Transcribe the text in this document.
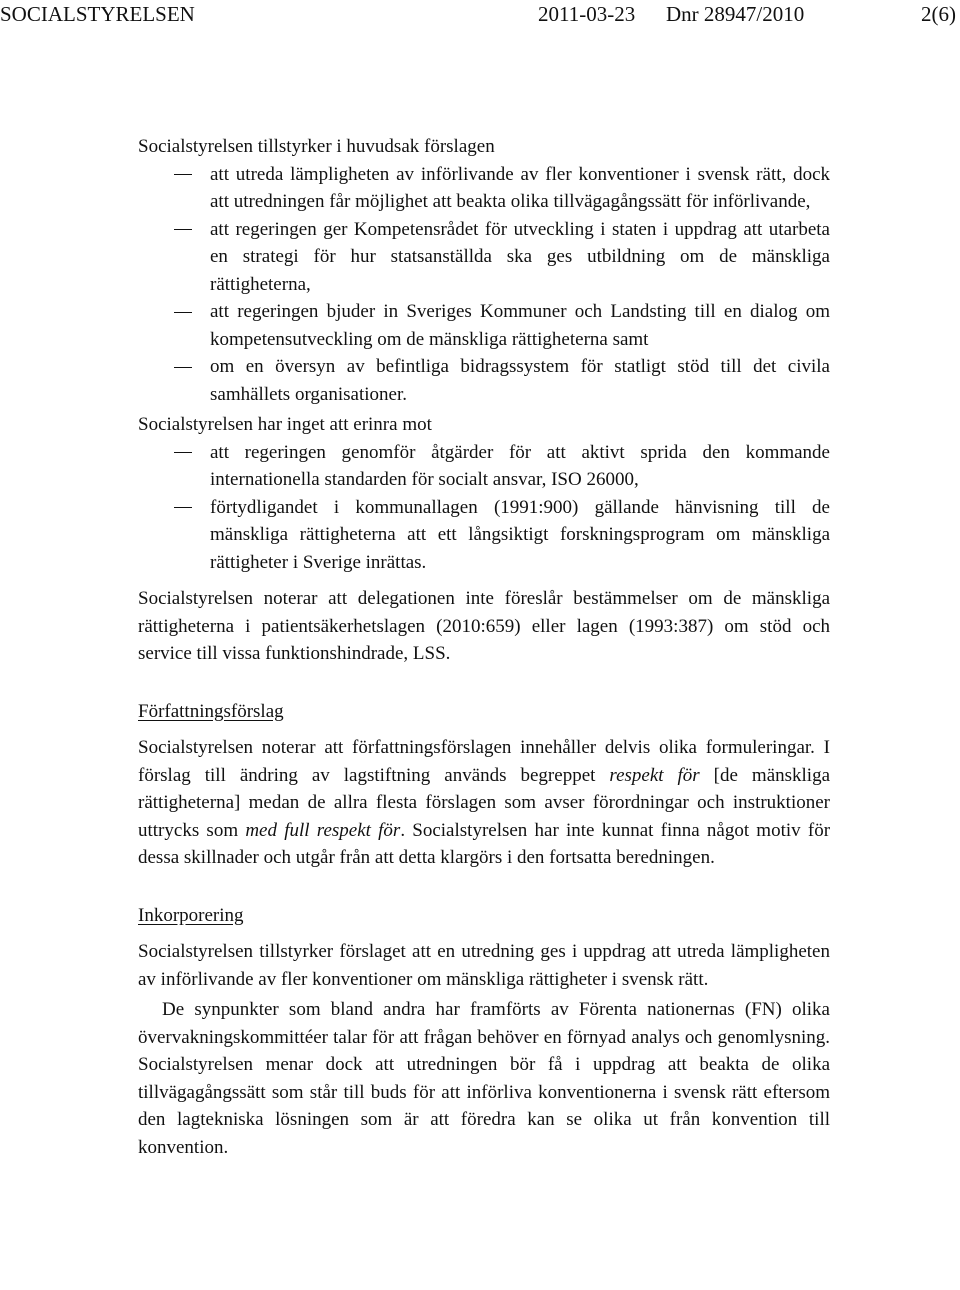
SOCIALSTYRELSEN	2011-03-23 Dnr 28947/2010	2(6)

Socialstyrelsen tillstyrker i huvudsak förslagen

att utreda lämpligheten av införlivande av fler konventioner i svensk rätt, dock att utredningen får möjlighet att beakta olika tillvägagångssätt för införlivande,
att regeringen ger Kompetensrådet för utveckling i staten i uppdrag att utarbeta en strategi för hur statsanställda ska ges utbildning om de mänskliga rättigheterna,
att regeringen bjuder in Sveriges Kommuner och Landsting till en dialog om kompetensutveckling om de mänskliga rättigheterna samt
om en översyn av befintliga bidragssystem för statligt stöd till det civila samhällets organisationer.

Socialstyrelsen har inget att erinra mot

att regeringen genomför åtgärder för att aktivt sprida den kommande internationella standarden för socialt ansvar, ISO 26000,
förtydligandet i kommunallagen (1991:900) gällande hänvisning till de mänskliga rättigheterna att ett långsiktigt forskningsprogram om mänskliga rättigheter i Sverige inrättas.

Socialstyrelsen noterar att delegationen inte föreslår bestämmelser om de mänskliga rättigheterna i patientsäkerhetslagen (2010:659) eller lagen (1993:387) om stöd och service till vissa funktionshindrade, LSS.

Författningsförslag

Socialstyrelsen noterar att författningsförslagen innehåller delvis olika formuleringar. I förslag till ändring av lagstiftning används begreppet respekt för [de mänskliga rättigheterna] medan de allra flesta förslagen som avser förordningar och instruktioner uttrycks som med full respekt för. Socialstyrelsen har inte kunnat finna något motiv för dessa skillnader och utgår från att detta klargörs i den fortsatta beredningen.

Inkorporering

Socialstyrelsen tillstyrker förslaget att en utredning ges i uppdrag att utreda lämpligheten av införlivande av fler konventioner om mänskliga rättigheter i svensk rätt.

De synpunkter som bland andra har framförts av Förenta nationernas (FN) olika övervakningskommittéer talar för att frågan behöver en förnyad analys och genomlysning. Socialstyrelsen menar dock att utredningen bör få i uppdrag att beakta de olika tillvägagångssätt som står till buds för att införliva konventionerna i svensk rätt eftersom den lagtekniska lösningen som är att föredra kan se olika ut från konvention till konvention.
